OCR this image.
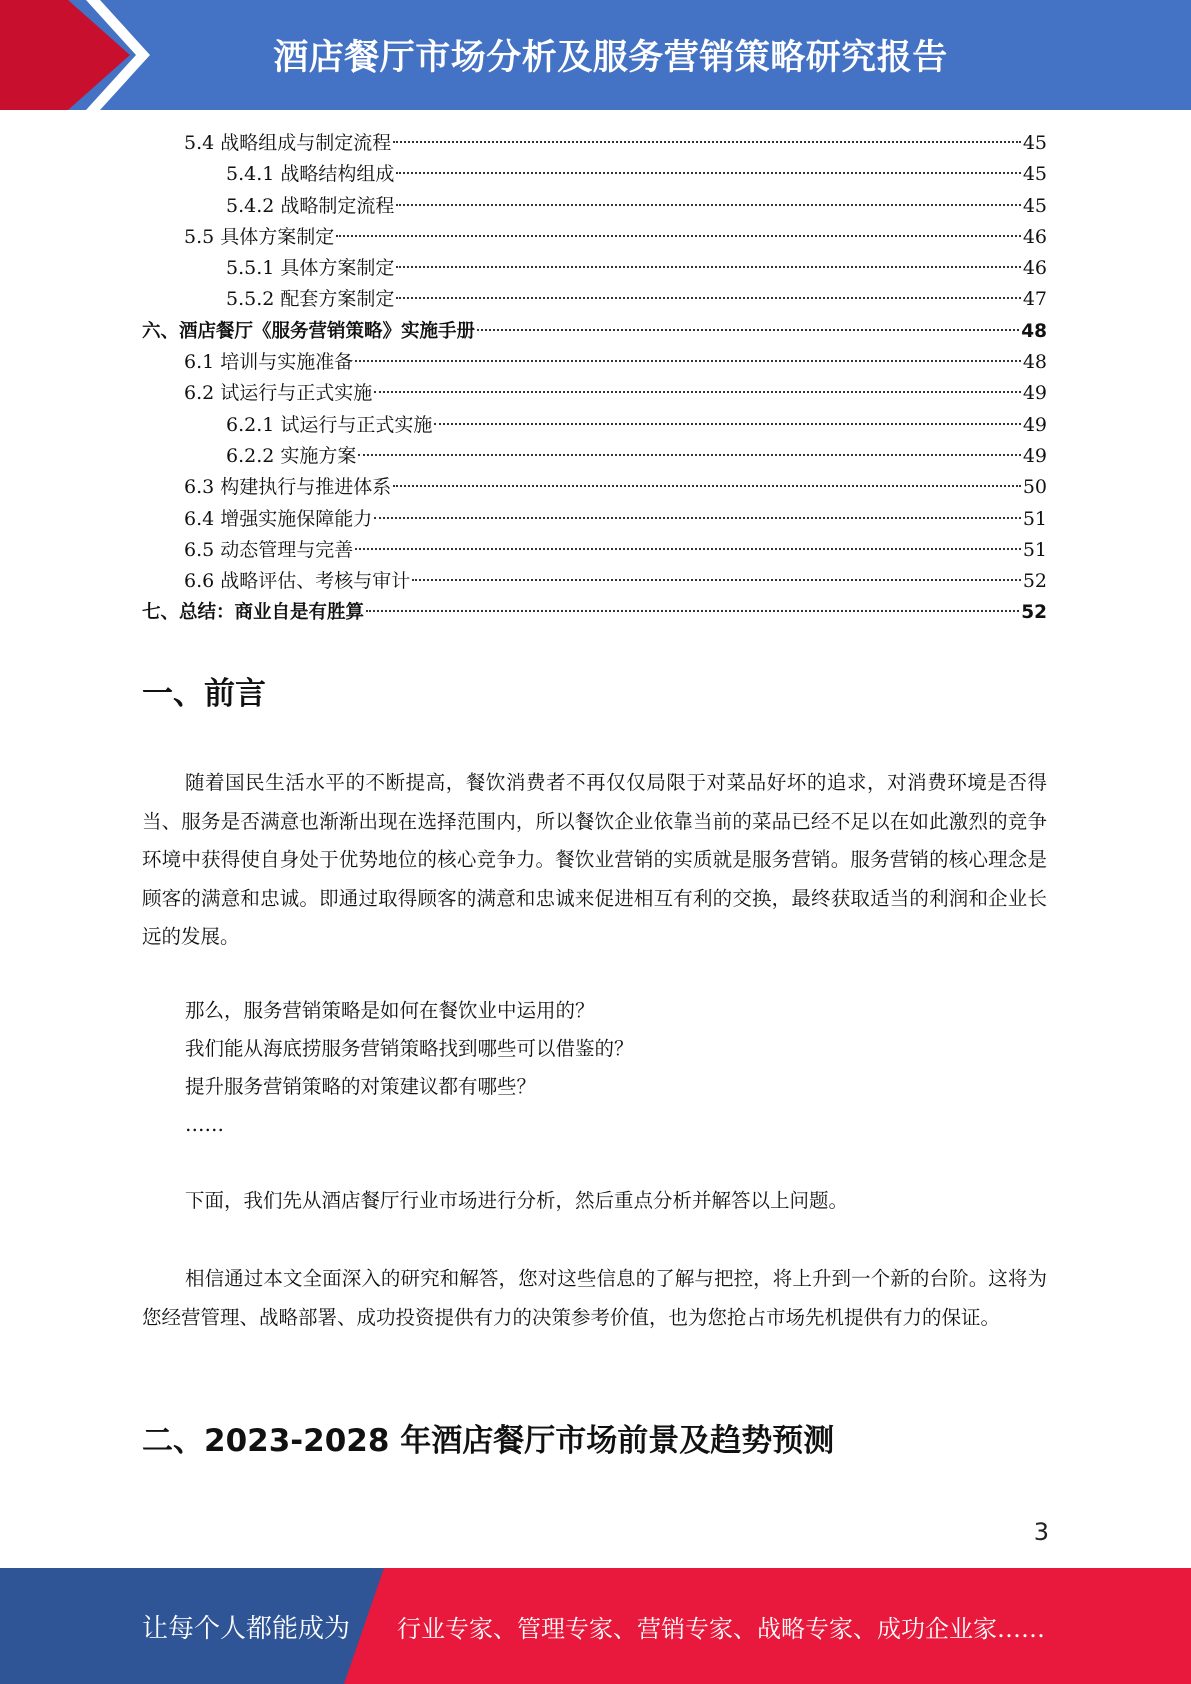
酒店餐厅市场分析及服务营销策略研究报告
5.4 战略组成与制定流程	45
5.4.1 战略结构组成	45
5.4.2 战略制定流程	45
5.5 具体方案制定	46
5.5.1 具体方案制定	46
5.5.2 配套方案制定	47
六、酒店餐厅《服务营销策略》实施手册	48
6.1 培训与实施准备	48
6.2 试运行与正式实施	49
6.2.1 试运行与正式实施	49
6.2.2 实施方案	49
6.3 构建执行与推进体系	50
6.4 增强实施保障能力	51
6.5 动态管理与完善	51
6.6 战略评估、考核与审计	52
七、总结：商业自是有胜算	52
一、前言

随着国民生活水平的不断提高，餐饮消费者不再仅仅局限于对菜品好坏的追求，对消费环境是否得当、服务是否满意也渐渐出现在选择范围内，所以餐饮企业依靠当前的菜品已经不足以在如此激烈的竞争环境中获得使自身处于优势地位的核心竞争力。餐饮业营销的实质就是服务营销。服务营销的核心理念是顾客的满意和忠诚。即通过取得顾客的满意和忠诚来促进相互有利的交换，最终获取适当的利润和企业长远的发展。

那么，服务营销策略是如何在餐饮业中运用的？
我们能从海底捞服务营销策略找到哪些可以借鉴的？
提升服务营销策略的对策建议都有哪些？
……

下面，我们先从酒店餐厅行业市场进行分析，然后重点分析并解答以上问题。

相信通过本文全面深入的研究和解答，您对这些信息的了解与把控，将上升到一个新的台阶。这将为您经营管理、战略部署、成功投资提供有力的决策参考价值，也为您抢占市场先机提供有力的保证。

二、2023-2028 年酒店餐厅市场前景及趋势预测
3
让每个人都能成为 行业专家、管理专家、营销专家、战略专家、成功企业家……
